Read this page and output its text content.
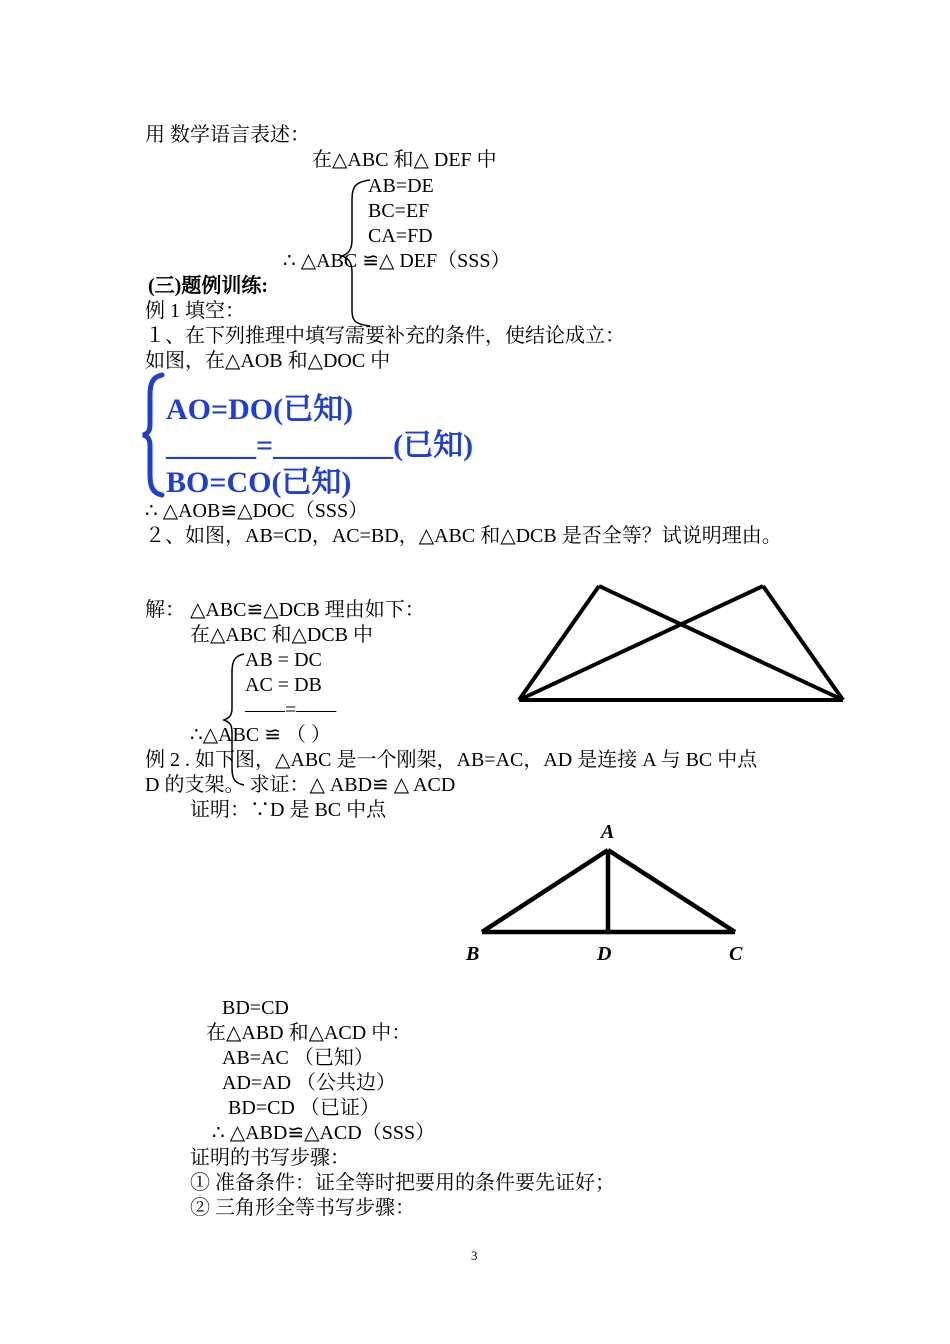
用 数学语言表述：
在△ABC 和△ DEF 中
AB=DE
BC=EF
CA=FD
∴ △ABC ≌△ DEF（SSS）
(三)题例训练:
例 1 填空：
１、在下列推理中填写需要补充的条件，使结论成立：
如图，在△AOB 和△DOC 中
AO=DO(已知)
______=________(已知)
BO=CO(已知)
∴ △AOB≌△DOC（SSS）
２、如图，AB=CD，AC=BD，△ABC 和△DCB 是否全等？试说明理由。
解： △ABC≌△DCB 理由如下：
在△ABC 和△DCB 中
AB = DC
AC = DB
——=——
∴△ABC ≌ （ ）
例 2 . 如下图，△ABC 是一个刚架，AB=AC，AD 是连接 A 与 BC 中点
D 的支架。 求证：△ ABD≌ △ ACD
证明：∵D 是 BC 中点
A
B	D	C
BD=CD
在△ABD 和△ACD 中：
AB=AC （已知）
AD=AD （公共边）
BD=CD （已证）
∴ △ABD≌△ACD（SSS）
证明的书写步骤：
① 准备条件：证全等时把要用的条件要先证好；
② 三角形全等书写步骤：
3
